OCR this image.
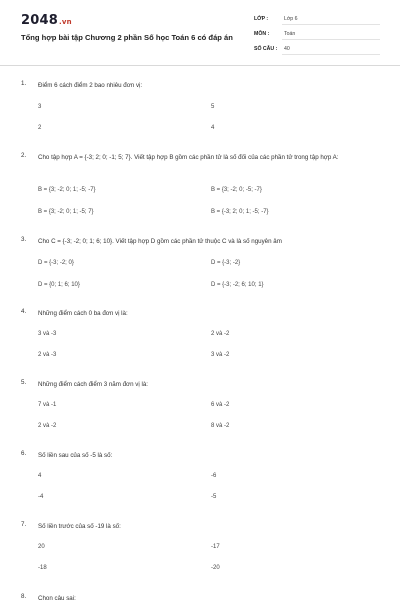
2048.vn
Tổng hợp bài tập Chương 2 phần Số học Toán 6 có đáp án
LỚP :	Lớp 6
MÔN :	Toán
SỐ CÂU : 40
1. Điểm 6 cách điểm 2 bao nhiêu đơn vị:
3	5
2	4
2. Cho tập hợp A = {-3; 2; 0; -1; 5; 7}. Viết tập hợp B gồm các phần tử là số đối của các phần tử trong tập hợp A:
B = {3; -2; 0; 1; -5; -7}	B = {3; -2; 0; -5; -7}
B = {3; -2; 0; 1; -5; 7}	B = {-3; 2; 0; 1; -5; -7}
3. Cho C = {-3; -2; 0; 1; 6; 10}. Viết tập hợp D gồm các phần tử thuộc C và là số nguyên âm
D = {-3; -2; 0}	D = {-3; -2}
D = {0; 1; 6; 10}	D = {-3; -2; 6; 10; 1}
4. Những điểm cách 0 ba đơn vị là:
3 và -3	2 và -2
2 và -3	3 và -2
5. Những điểm cách điểm 3 năm đơn vị là:
7 và -1	6 và -2
2 và -2	8 và -2
6. Số liền sau của số -5 là số:
4	-6
-4	-5
7. Số liền trước của số -19 là số:
20	-17
-18	-20
8. Chọn câu sai:
